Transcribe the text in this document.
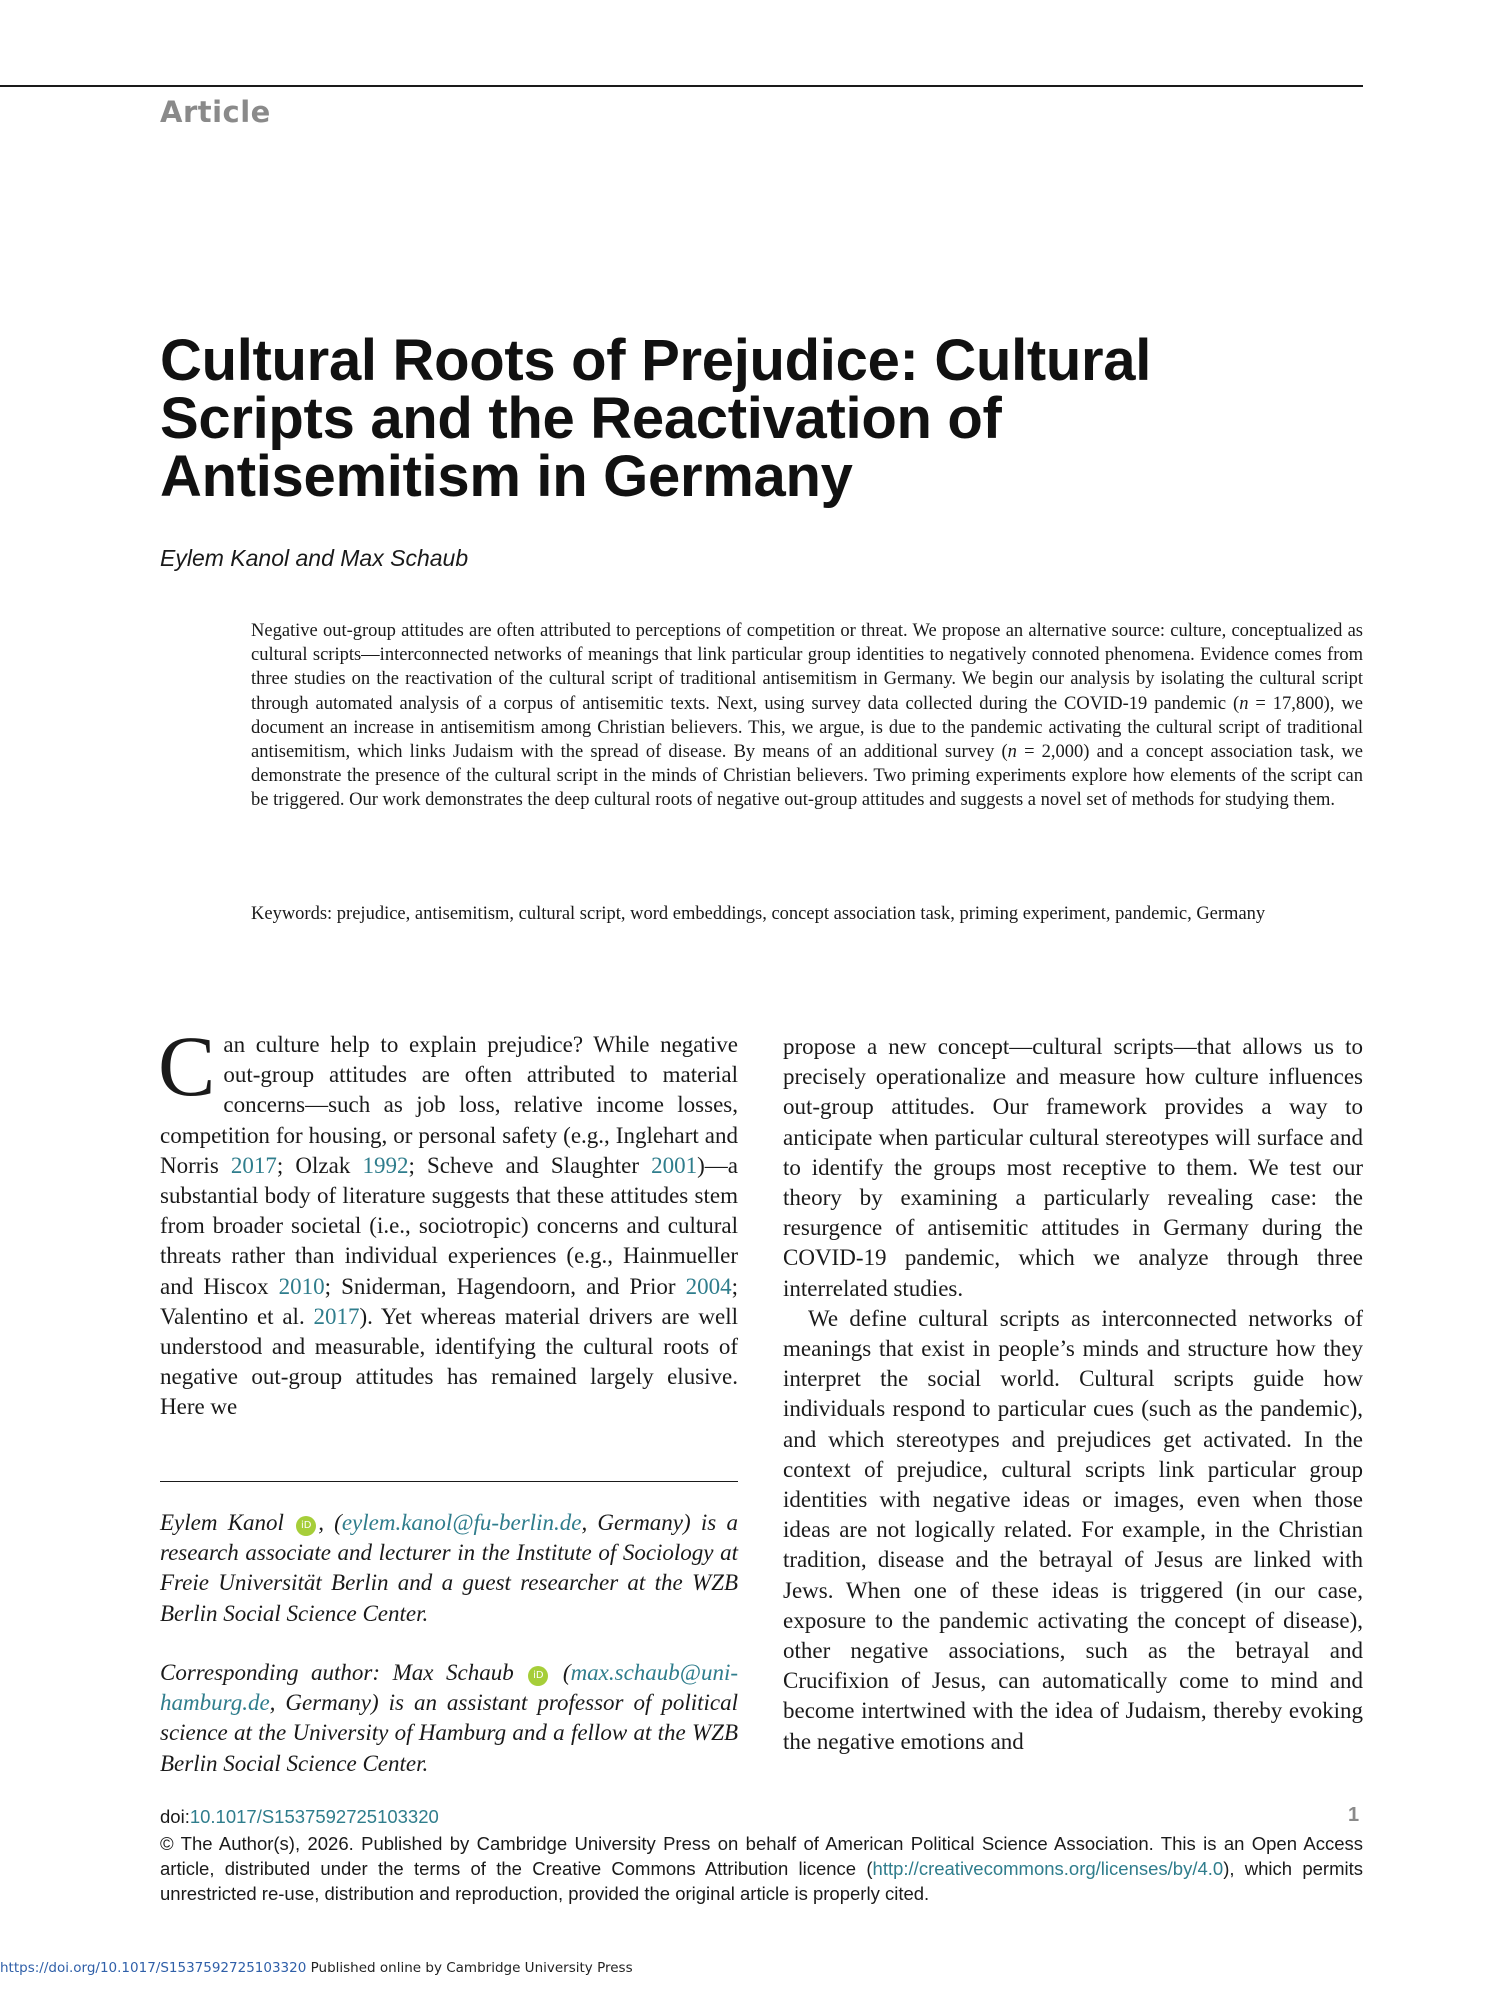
Article
Cultural Roots of Prejudice: Cultural
Scripts and the Reactivation of
Antisemitism in Germany
Eylem Kanol and Max Schaub

Negative out-group attitudes are often attributed to perceptions of competition or threat. We propose an alternative source: culture, conceptualized as cultural scripts—interconnected networks of meanings that link particular group identities to negatively connoted phenomena. Evidence comes from three studies on the reactivation of the cultural script of traditional antisemitism in Germany. We begin our analysis by isolating the cultural script through automated analysis of a corpus of antisemitic texts. Next, using survey data collected during the COVID-19 pandemic (n = 17,800), we document an increase in antisemitism among Christian believers. This, we argue, is due to the pandemic activating the cultural script of traditional antisemitism, which links Judaism with the spread of disease. By means of an additional survey (n = 2,000) and a concept association task, we demonstrate the presence of the cultural script in the minds of Christian believers. Two priming experiments explore how elements of the script can be triggered. Our work demonstrates the deep cultural roots of negative out-group attitudes and suggests a novel set of methods for studying them.

Keywords: prejudice, antisemitism, cultural script, word embeddings, concept association task, priming experiment, pandemic, Germany

Can culture help to explain prejudice? While negative out-group attitudes are often attributed to material concerns—such as job loss, relative income losses, competition for housing, or personal safety (e.g., Inglehart and Norris 2017; Olzak 1992; Scheve and Slaughter 2001)—a substantial body of literature suggests that these attitudes stem from broader societal (i.e., sociotropic) concerns and cultural threats rather than individual experiences (e.g., Hainmueller and Hiscox 2010; Sniderman, Hagendoorn, and Prior 2004; Valentino et al. 2017). Yet whereas material drivers are well understood and measurable, identifying the cultural roots of negative out-group attitudes has remained largely elusive. Here we

propose a new concept—cultural scripts—that allows us to precisely operationalize and measure how culture influences out-group attitudes. Our framework provides a way to anticipate when particular cultural stereotypes will surface and to identify the groups most receptive to them. We test our theory by examining a particularly revealing case: the resurgence of antisemitic attitudes in Germany during the COVID-19 pandemic, which we analyze through three interrelated studies.

We define cultural scripts as interconnected networks of meanings that exist in people’s minds and structure how they interpret the social world. Cultural scripts guide how individuals respond to particular cues (such as the pandemic), and which stereotypes and prejudices get activated. In the context of prejudice, cultural scripts link particular group identities with negative ideas or images, even when those ideas are not logically related. For example, in the Christian tradition, disease and the betrayal of Jesus are linked with Jews. When one of these ideas is triggered (in our case, exposure to the pandemic activating the concept of disease), other negative associations, such as the betrayal and Crucifixion of Jesus, can automatically come to mind and become intertwined with the idea of Judaism, thereby evoking the negative emotions and

Eylem Kanol iD , (eylem.kanol@fu-berlin.de, Germany) is a research associate and lecturer in the Institute of Sociology at Freie Universität Berlin and a guest researcher at the WZB Berlin Social Science Center.

Corresponding author: Max Schaub iD (max.schaub@uni-hamburg.de, Germany) is an assistant professor of political science at the University of Hamburg and a fellow at the WZB Berlin Social Science Center.

doi:10.1017/S1537592725103320	1

© The Author(s), 2026. Published by Cambridge University Press on behalf of American Political Science Association. This is an Open Access article, distributed under the terms of the Creative Commons Attribution licence (http://creativecommons.org/licenses/by/4.0), which permits unrestricted re-use, distribution and reproduction, provided the original article is properly cited.

https://doi.org/10.1017/S1537592725103320 Published online by Cambridge University Press
